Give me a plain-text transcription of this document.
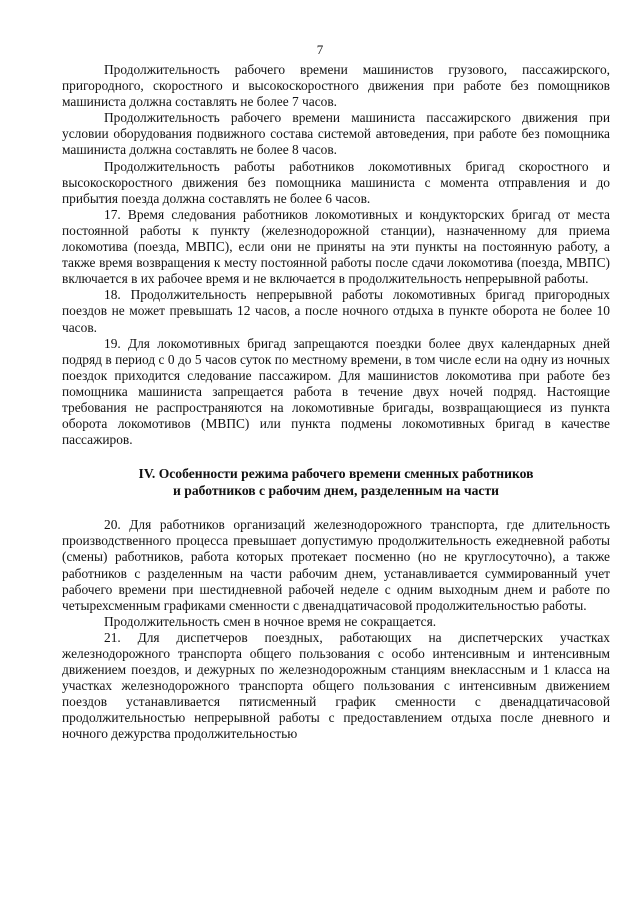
7

Продолжительность рабочего времени машинистов грузового, пассажирского, пригородного, скоростного и высокоскоростного движения при работе без помощников машиниста должна составлять не более 7 часов.

Продолжительность рабочего времени машиниста пассажирского движения при условии оборудования подвижного состава системой автоведения, при работе без помощника машиниста должна составлять не более 8 часов.

Продолжительность работы работников локомотивных бригад скоростного и высокоскоростного движения без помощника машиниста с момента отправления и до прибытия поезда должна составлять не более 6 часов.

17. Время следования работников локомотивных и кондукторских бригад от места постоянной работы к пункту (железнодорожной станции), назначенному для приема локомотива (поезда, МВПС), если они не приняты на эти пункты на постоянную работу, а также время возвращения к месту постоянной работы после сдачи локомотива (поезда, МВПС) включается в их рабочее время и не включается в продолжительность непрерывной работы.

18. Продолжительность непрерывной работы локомотивных бригад пригородных поездов не может превышать 12 часов, а после ночного отдыха в пункте оборота не более 10 часов.

19. Для локомотивных бригад запрещаются поездки более двух календарных дней подряд в период с 0 до 5 часов суток по местному времени, в том числе если на одну из ночных поездок приходится следование пассажиром. Для машинистов локомотива при работе без помощника машиниста запрещается работа в течение двух ночей подряд. Настоящие требования не распространяются на локомотивные бригады, возвращающиеся из пункта оборота локомотивов (МВПС) или пункта подмены локомотивных бригад в качестве пассажиров.

IV. Особенности режима рабочего времени сменных работников
и работников с рабочим днем, разделенным на части

20. Для работников организаций железнодорожного транспорта, где длительность производственного процесса превышает допустимую продолжительность ежедневной работы (смены) работников, работа которых протекает посменно (но не круглосуточно), а также работников с разделенным на части рабочим днем, устанавливается суммированный учет рабочего времени при шестидневной рабочей неделе с одним выходным днем и работе по четырехсменным графиками сменности с двенадцатичасовой продолжительностью работы.

Продолжительность смен в ночное время не сокращается.

21. Для диспетчеров поездных, работающих на диспетчерских участках железнодорожного транспорта общего пользования с особо интенсивным и интенсивным движением поездов, и дежурных по железнодорожным станциям внеклассным и 1 класса на участках железнодорожного транспорта общего пользования с интенсивным движением поездов устанавливается пятисменный график сменности с двенадцатичасовой продолжительностью непрерывной работы с предоставлением отдыха после дневного и ночного дежурства продолжительностью
